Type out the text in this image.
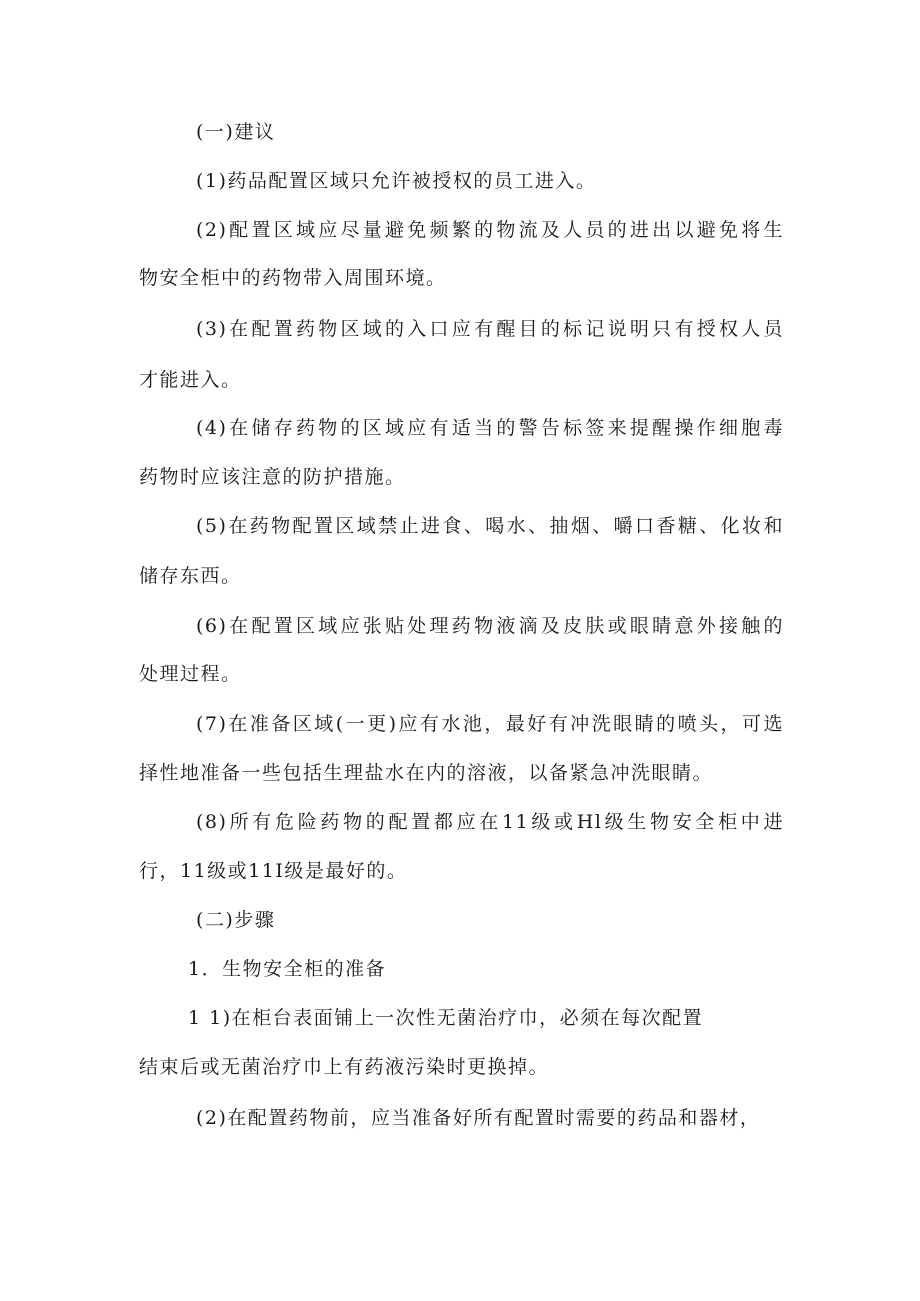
(一)建议

(1)药品配置区域只允许被授权的员工进入。

(2)配置区域应尽量避免频繁的物流及人员的进出以避免将生

物安全柜中的药物带入周围环境。

(3)在配置药物区域的入口应有醒目的标记说明只有授权人员

才能进入。

(4)在储存药物的区域应有适当的警告标签来提醒操作细胞毒

药物时应该注意的防护措施。

(5)在药物配置区域禁止进食、喝水、抽烟、嚼口香糖、化妆和

储存东西。

(6)在配置区域应张贴处理药物液滴及皮肤或眼睛意外接触的

处理过程。

(7)在准备区域(一更)应有水池，最好有冲洗眼睛的喷头，可选

择性地准备一些包括生理盐水在内的溶液，以备紧急冲洗眼睛。

(8)所有危险药物的配置都应在11级或Hl级生物安全柜中进

行，11级或11I级是最好的。

(二)步骤

1．生物安全柜的准备

1 1)在柜台表面铺上一次性无菌治疗巾，必须在每次配置

结束后或无菌治疗巾上有药液污染时更换掉。

(2)在配置药物前，应当准备好所有配置时需要的药品和器材，
